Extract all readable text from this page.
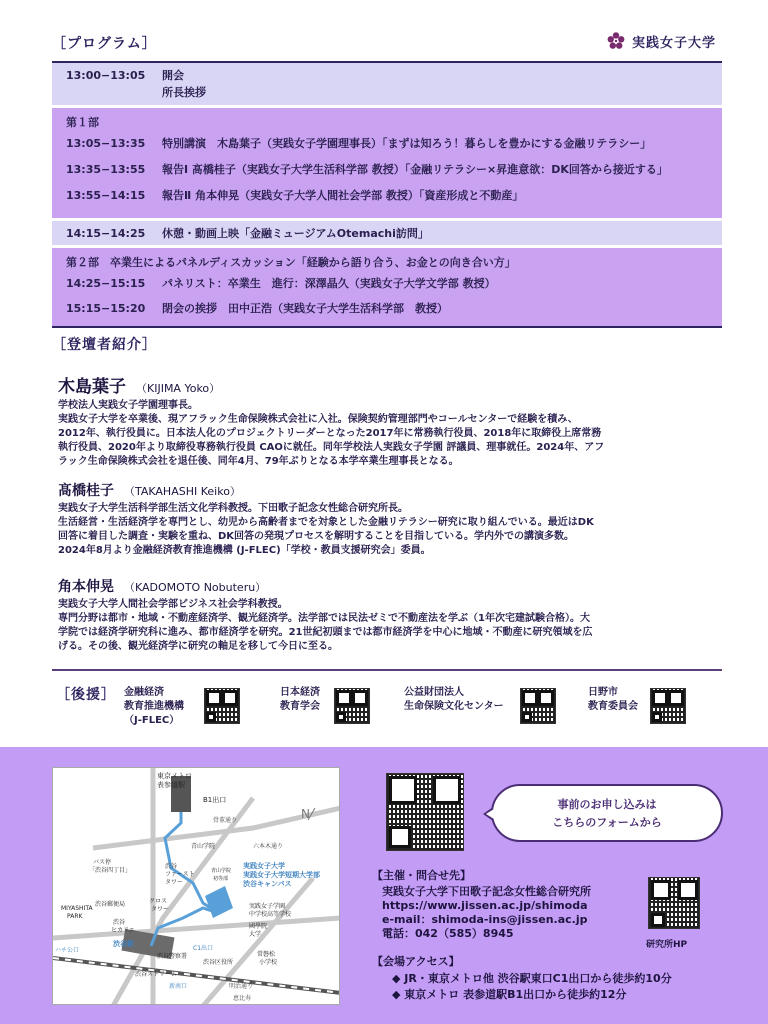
［プログラム］	実践女子大学
13:00−13:05	開会
所長挨拶
第１部
13:05−13:35	特別講演　木島葉子（実践女子学園理事長）「まずは知ろう！暮らしを豊かにする金融リテラシー」
13:35−13:55	報告Ⅰ 髙橋桂子（実践女子大学生活科学部 教授）「金融リテラシー×昇進意欲：DK回答から接近する」
13:55−14:15	報告Ⅱ 角本伸晃（実践女子大学人間社会学部 教授）「資産形成と不動産」
14:15−14:25	休憩・動画上映「金融ミュージアムOtemachi訪問」
第２部　卒業生によるパネルディスカッション「経験から語り合う、お金との向き合い方」
14:25−15:15	パネリスト：卒業生　進行：深澤晶久（実践女子大学文学部 教授）
15:15−15:20	閉会の挨拶　田中正浩（実践女子大学生活科学部　教授）
［登壇者紹介］
木島葉子 （KIJIMA Yoko）
学校法人実践女子学園理事長。
実践女子大学を卒業後、現アフラック生命保険株式会社に入社。保険契約管理部門やコールセンターで経験を積み、
2012年、執行役員に。日本法人化のプロジェクトリーダーとなった2017年に常務執行役員、2018年に取締役上席常務
執行役員、2020年より取締役専務執行役員 CAOに就任。同年学校法人実践女子学園 評議員、理事就任。2024年、アフ
ラック生命保険株式会社を退任後、同年4月、79年ぶりとなる本学卒業生理事長となる。
髙橋桂子 （TAKAHASHI Keiko）
実践女子大学生活科学部生活文化学科教授。下田歌子記念女性総合研究所長。
生活経営・生活経済学を専門とし、幼児から高齢者までを対象とした金融リテラシー研究に取り組んでいる。最近はDK
回答に着目した調査・実験を重ね、DK回答の発現プロセスを解明することを目指している。学内外での講演多数。
2024年8月より金融経済教育推進機構 (J-FLEC)「学校・教員支援研究会」委員。
角本伸晃 （KADOMOTO Nobuteru）
実践女子大学人間社会学部ビジネス社会学科教授。
専門分野は都市・地域・不動産経済学、観光経済学。法学部では民法ゼミで不動産法を学ぶ（1年次宅建試験合格）。大
学院では経済学研究科に進み、都市経済学を研究。21世紀初頭までは都市経済学を中心に地域・不動産に研究領域を広
げる。その後、観光経済学に研究の軸足を移して今日に至る。
［後援］ 金融経済
教育推進機構
（J-FLEC）
日本経済
教育学会
公益財団法人
生命保険文化センター
日野市
教育委員会
N
東京メトロ
表参道駅
B1出口
骨董通り
六本木通り
青山学院
バス停
「渋谷四丁目」
実践女子大学
実践女子大学短期大学部
渋谷キャンパス
渋谷
ファースト
タワー
青山学院
初等部
実践女子学園
中学校高等学校
國學院
大学
MIYASHITA
PARK
渋谷郵便局
渋谷
ヒカリエ
クロス
タワー
渋谷駅
渋谷警察署
渋谷区役所
C1出口
常磐松
小学校
渋谷ストリーム
新南口	明治通り
恵比寿
ハチ公口
事前のお申し込みは
こちらのフォームから
【主催・問合せ先】
実践女子大学下田歌子記念女性総合研究所
https://www.jissen.ac.jp/shimoda
e-mail：shimoda-ins@jissen.ac.jp
電話：042（585）8945
研究所HP
【会場アクセス】
◆ JR・東京メトロ他 渋谷駅東口C1出口から徒歩約10分
◆ 東京メトロ 表参道駅B1出口から徒歩約12分
